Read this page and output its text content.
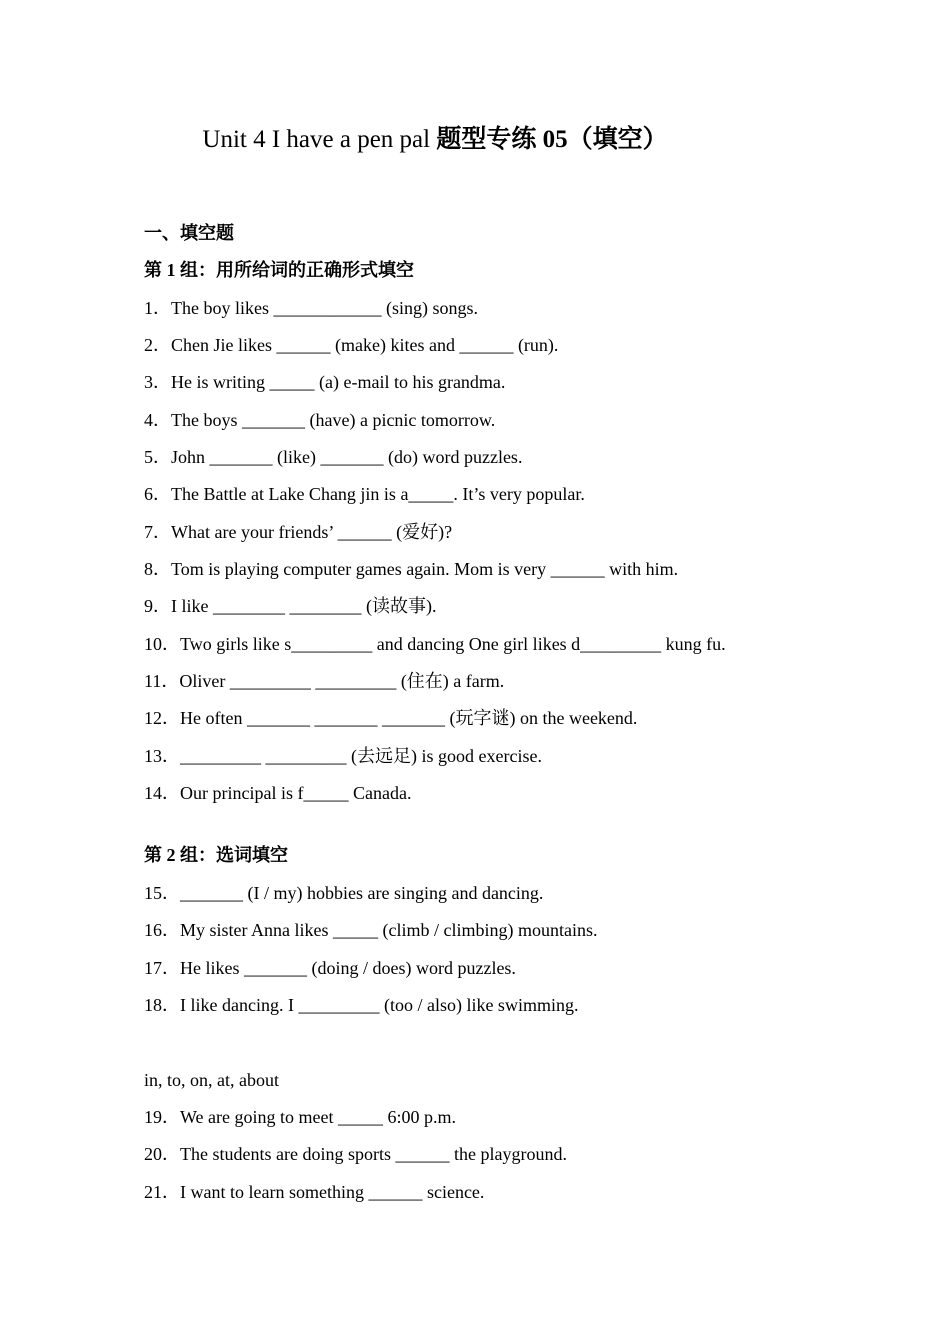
Unit 4 I have a pen pal 题型专练 05（填空）
一、填空题
第 1 组：用所给词的正确形式填空
1．The boy likes ____________ (sing) songs.
2．Chen Jie likes ______ (make) kites and ______ (run).
3．He is writing _____ (a) e-mail to his grandma.
4．The boys _______ (have) a picnic tomorrow.
5．John _______ (like) _______ (do) word puzzles.
6．The Battle at Lake Chang jin is a_____. It’s very popular.
7．What are your friends’ ______ (爱好)?
8．Tom is playing computer games again. Mom is very ______ with him.
9．I like ________ ________ (读故事).
10．Two girls like s_________ and dancing One girl likes d_________ kung fu.
11．Oliver _________ _________ (住在) a farm.
12．He often _______ _______ _______ (玩字谜) on the weekend.
13．_________ _________ (去远足) is good exercise.
14．Our principal is f_____ Canada.
第 2 组：选词填空
15．_______ (I / my) hobbies are singing and dancing.
16．My sister Anna likes _____ (climb / climbing) mountains.
17．He likes _______ (doing / does) word puzzles.
18．I like dancing. I _________ (too / also) like swimming.
in, to, on, at, about
19．We are going to meet _____ 6:00 p.m.
20．The students are doing sports ______ the playground.
21．I want to learn something ______ science.
